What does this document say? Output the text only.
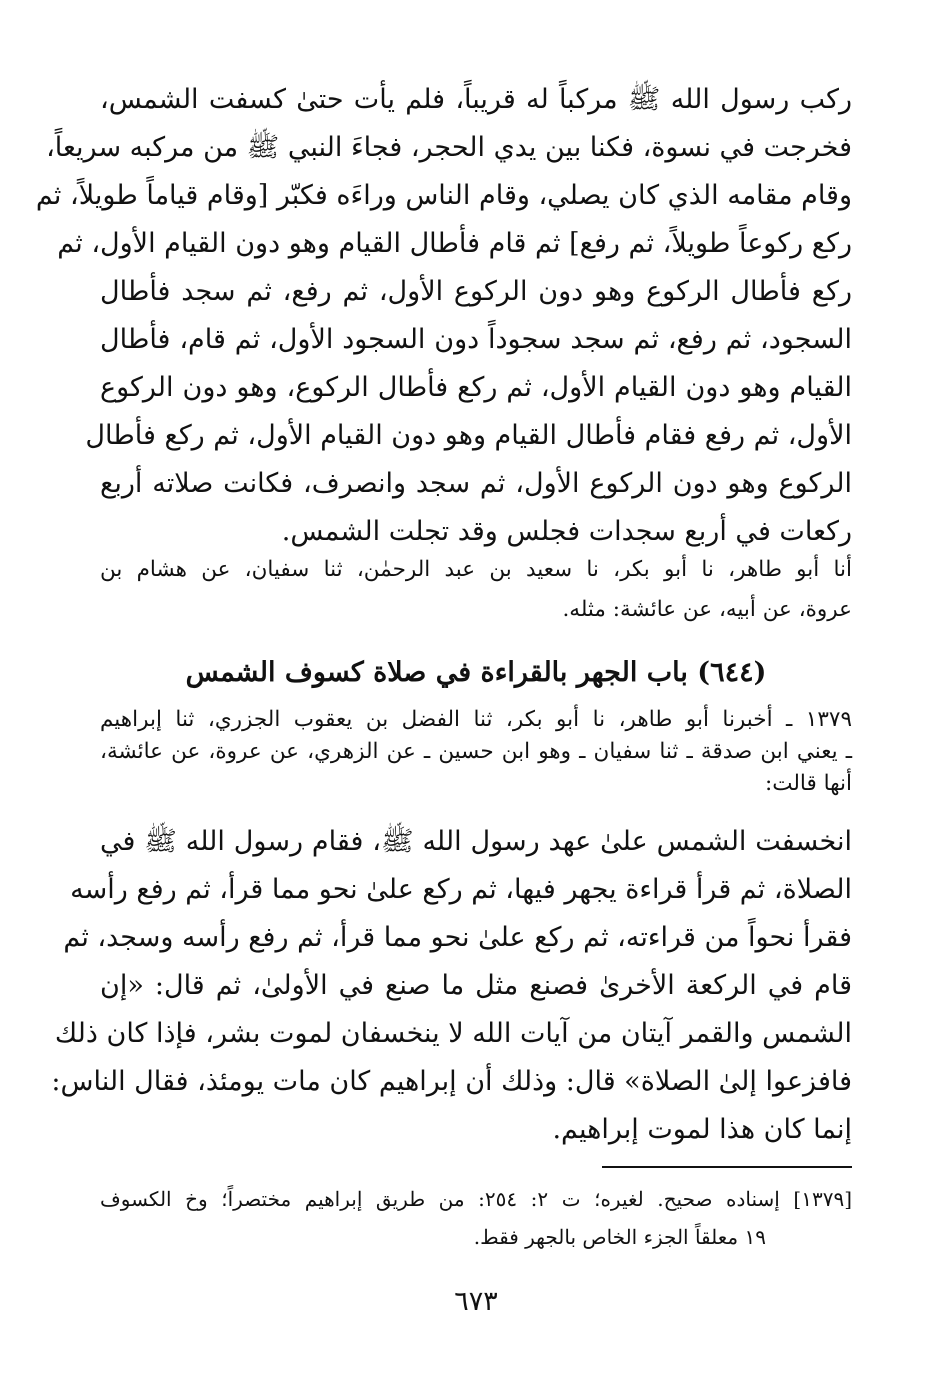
ركب رسول الله ﷺ مركباً له قريباً، فلم يأت حتىٰ كسفت الشمس،
فخرجت في نسوة، فكنا بين يدي الحجر، فجاءَ النبي ﷺ من مركبه سريعاً،
وقام مقامه الذي كان يصلي، وقام الناس وراءَه فكبّر [وقام قياماً طويلاً، ثم
ركع ركوعاً طويلاً، ثم رفع] ثم قام فأطال القيام وهو دون القيام الأول، ثم
ركع فأطال الركوع وهو دون الركوع الأول، ثم رفع، ثم سجد فأطال
السجود، ثم رفع، ثم سجد سجوداً دون السجود الأول، ثم قام، فأطال
القيام وهو دون القيام الأول، ثم ركع فأطال الركوع، وهو دون الركوع
الأول، ثم رفع فقام فأطال القيام وهو دون القيام الأول، ثم ركع فأطال
الركوع وهو دون الركوع الأول، ثم سجد وانصرف، فكانت صلاته أربع
ركعات في أربع سجدات فجلس وقد تجلت الشمس.
أنا أبو طاهر، نا أبو بكر، نا سعيد بن عبد الرحمٰن، ثنا سفيان، عن هشام بن
عروة، عن أبيه، عن عائشة: مثله.
(٦٤٤) باب الجهر بالقراءة في صلاة كسوف الشمس
١٣٧٩ ـ أخبرنا أبو طاهر، نا أبو بكر، ثنا الفضل بن يعقوب الجزري، ثنا إبراهيم
ـ يعني ابن صدقة ـ ثنا سفيان ـ وهو ابن حسين ـ عن الزهري، عن عروة، عن عائشة،
أنها قالت:
انخسفت الشمس علىٰ عهد رسول الله ﷺ، فقام رسول الله ﷺ في
الصلاة، ثم قرأ قراءة يجهر فيها، ثم ركع علىٰ نحو مما قرأ، ثم رفع رأسه
فقرأ نحواً من قراءته، ثم ركع علىٰ نحو مما قرأ، ثم رفع رأسه وسجد، ثم
قام في الركعة الأخرىٰ فصنع مثل ما صنع في الأولىٰ، ثم قال: «إن
الشمس والقمر آيتان من آيات الله لا ينخسفان لموت بشر، فإذا كان ذلك
فافزعوا إلىٰ الصلاة» قال: وذلك أن إبراهيم كان مات يومئذ، فقال الناس:
إنما كان هذا لموت إبراهيم.
[١٣٧٩] إسناده صحيح. لغيره؛ ت ٢: ٢٥٤: من طريق إبراهيم مختصراً؛ وخ الكسوف
١٩ معلقاً الجزء الخاص بالجهر فقط.
٦٧٣
